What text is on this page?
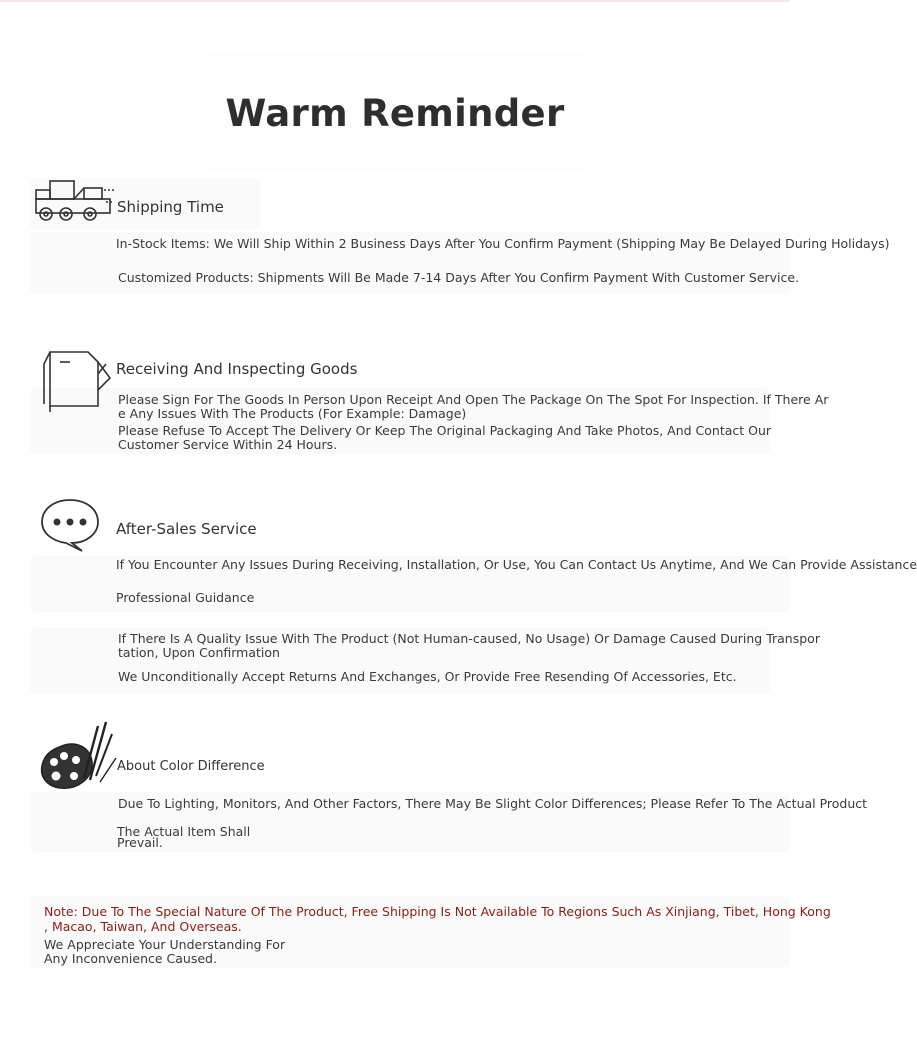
Warm Reminder
Shipping Time
In-Stock Items: We Will Ship Within 2 Business Days After You Confirm Payment (Shipping May Be Delayed During Holidays)
Customized Products: Shipments Will Be Made 7-14 Days After You Confirm Payment With Customer Service.
Receiving And Inspecting Goods
Please Sign For The Goods In Person Upon Receipt And Open The Package On The Spot For Inspection. If There Ar
e Any Issues With The Products (For Example: Damage)
Please Refuse To Accept The Delivery Or Keep The Original Packaging And Take Photos, And Contact Our
Customer Service Within 24 Hours.
After-Sales Service
If You Encounter Any Issues During Receiving, Installation, Or Use, You Can Contact Us Anytime, And We Can Provide Assistance
Professional Guidance
If There Is A Quality Issue With The Product (Not Human-caused, No Usage) Or Damage Caused During Transpor
tation, Upon Confirmation
We Unconditionally Accept Returns And Exchanges, Or Provide Free Resending Of Accessories, Etc.
About Color Difference
Due To Lighting, Monitors, And Other Factors, There May Be Slight Color Differences; Please Refer To The Actual Product
The Actual Item Shall
Prevail.
Note: Due To The Special Nature Of The Product, Free Shipping Is Not Available To Regions Such As Xinjiang, Tibet, Hong Kong
, Macao, Taiwan, And Overseas.
We Appreciate Your Understanding For
Any Inconvenience Caused.
